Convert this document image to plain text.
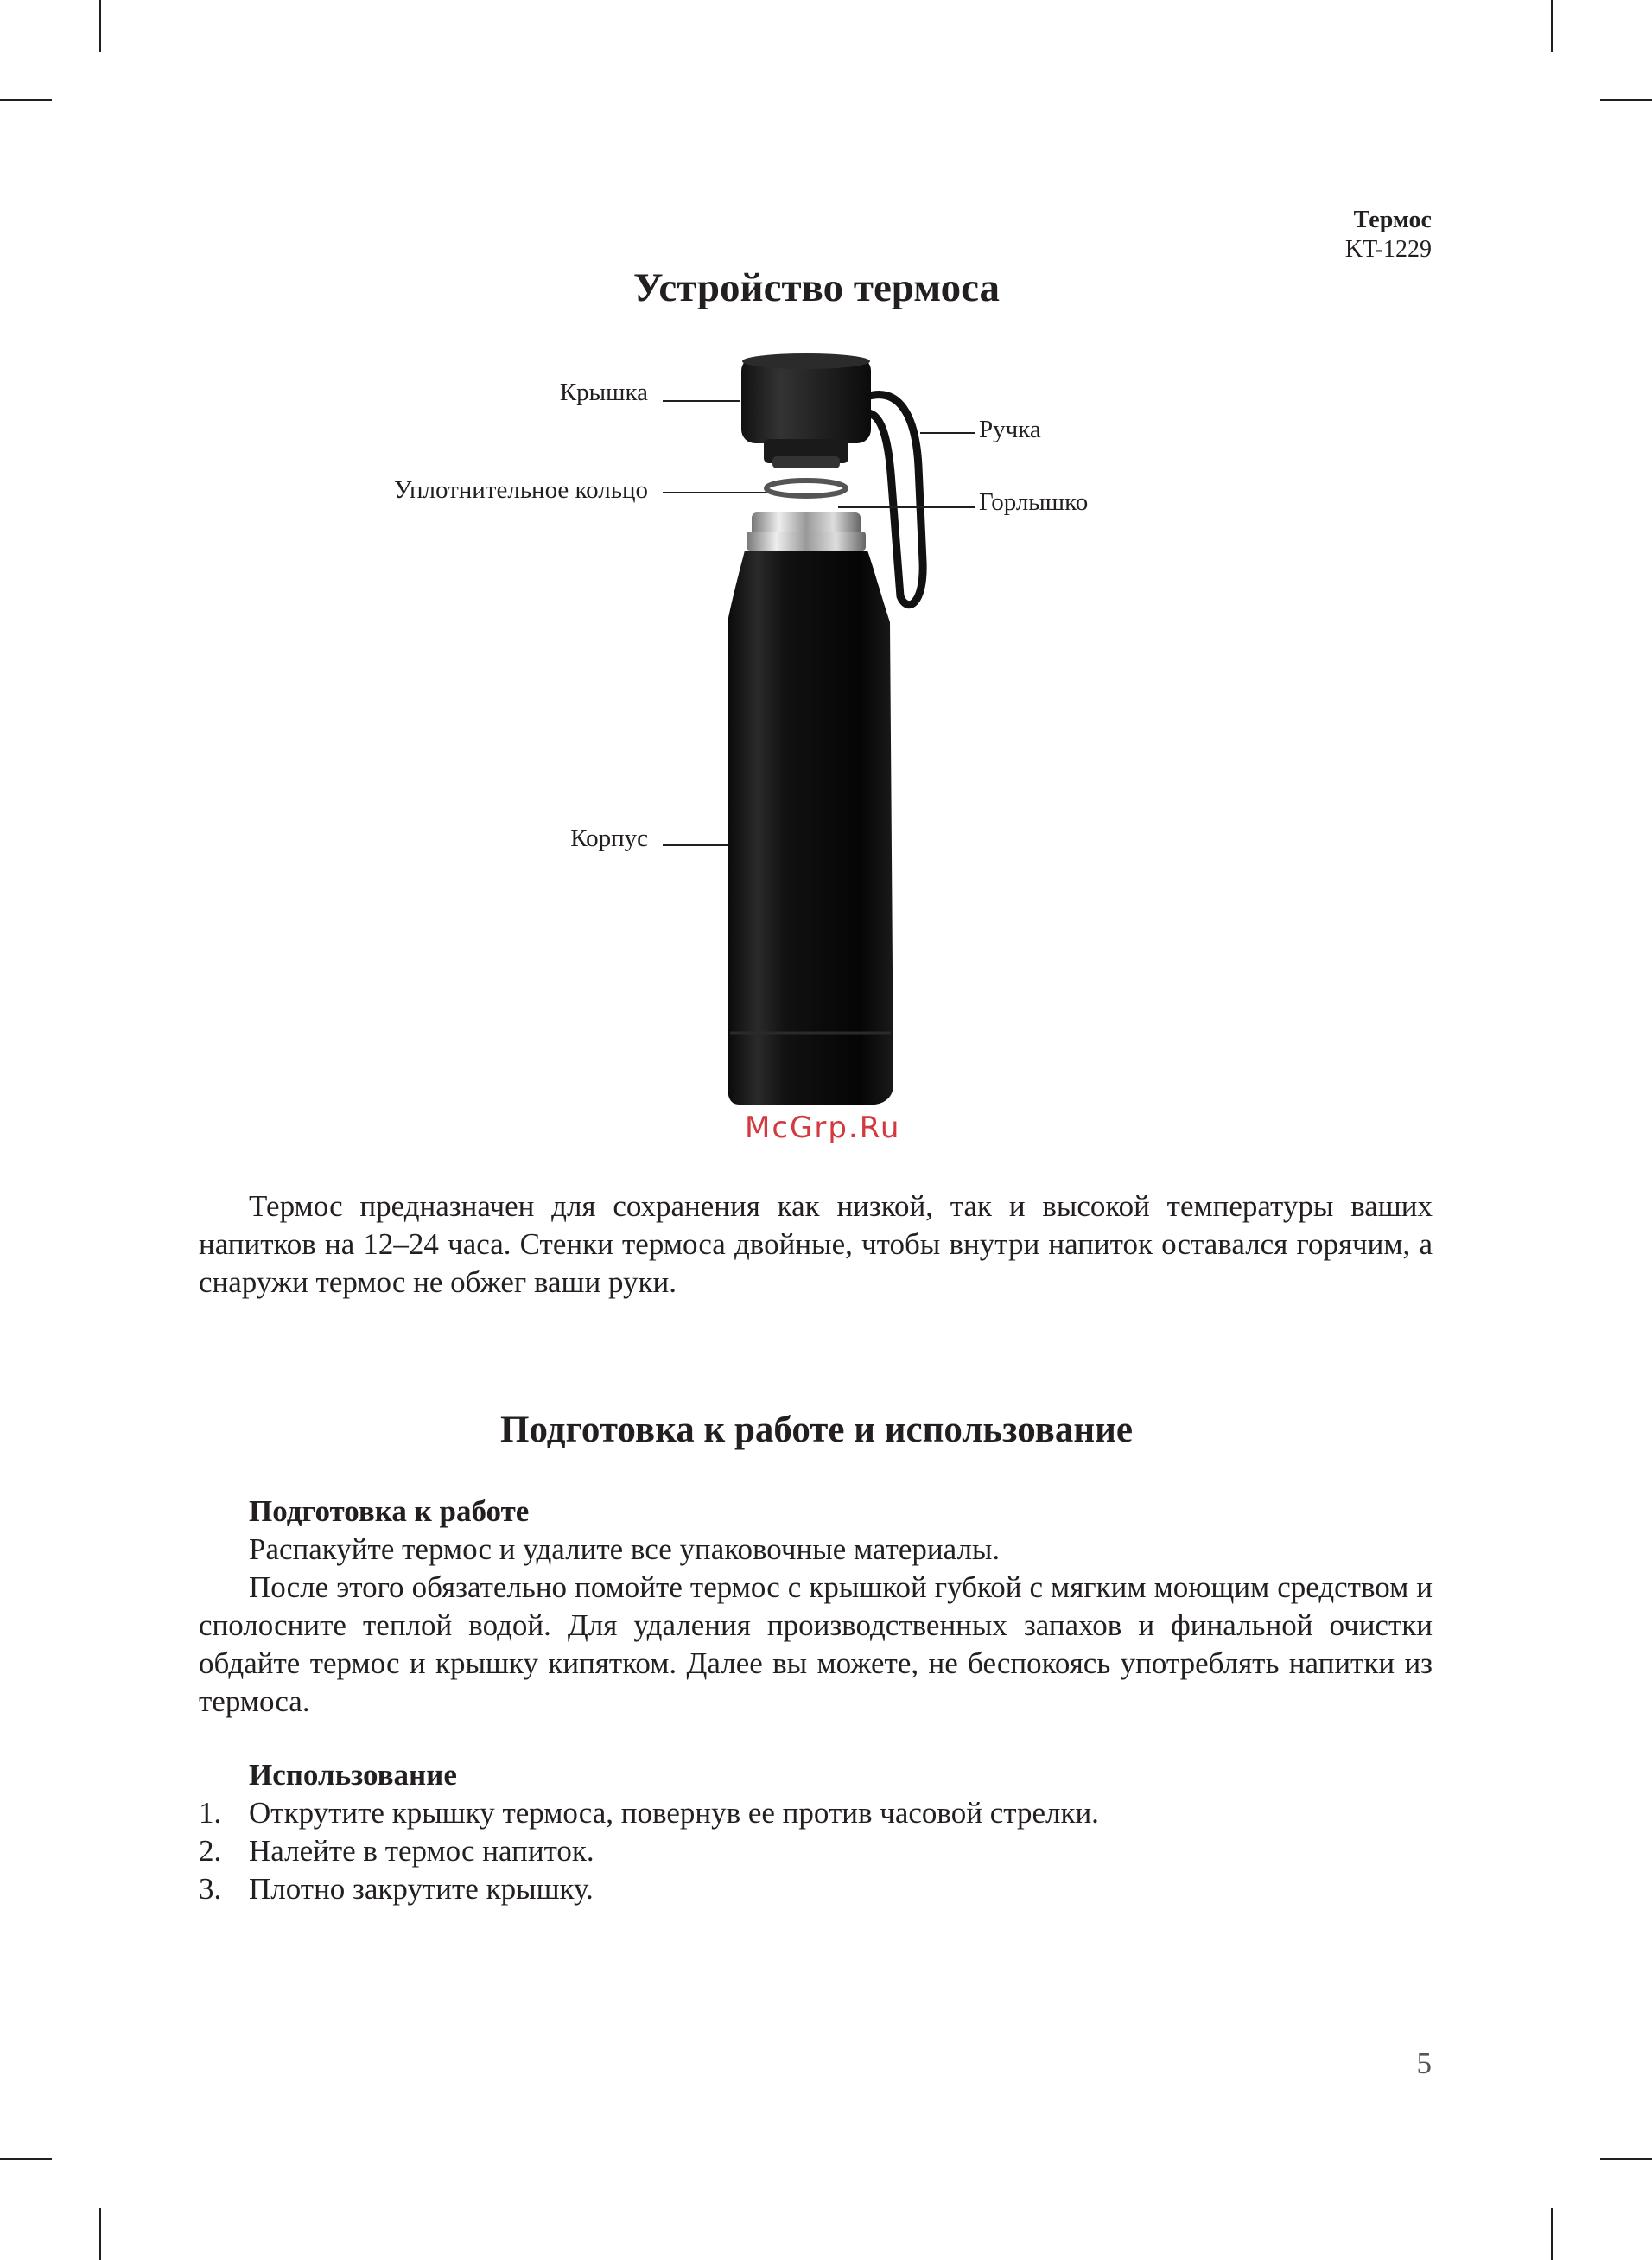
Термос
KT-1229
Устройство термоса
Крышка
Ручка
Уплотнительное кольцо	Горлышко
Корпус
McGrp.Ru

Термос предназначен для сохранения как низкой, так и высокой температуры ваших напитков на 12–24 часа. Стенки термоса двойные, чтобы внутри напиток оставался горячим, а снаружи термос не обжег ваши руки.

Подготовка к работе и использование
Подготовка к работе

Распакуйте термос и удалите все упаковочные материалы.

После этого обязательно помойте термос с крышкой губкой с мягким моющим средством и сполосните теплой водой. Для удаления производственных запахов и финальной очистки обдайте термос и крышку кипятком. Далее вы можете, не беспокоясь употреблять напитки из термоса.

Использование
1. Открутите крышку термоса, повернув ее против часовой стрелки.
2. Налейте в термос напиток.
3. Плотно закрутите крышку.
5
